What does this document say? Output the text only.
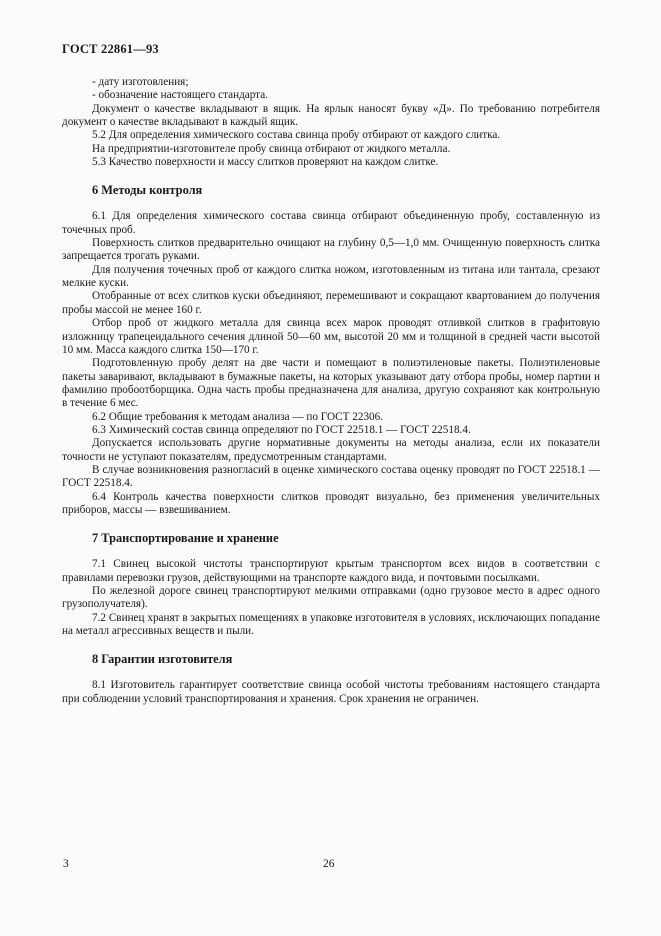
ГОСТ 22861—93

- дату изготовления;

- обозначение настоящего стандарта.

Документ о качестве вкладывают в ящик. На ярлык наносят букву «Д». По требованию потребителя документ о качестве вкладывают в каждый ящик.

5.2 Для определения химического состава свинца пробу отбирают от каждого слитка.

На предприятии-изготовителе пробу свинца отбирают от жидкого металла.

5.3 Качество поверхности и массу слитков проверяют на каждом слитке.

6 Методы контроля

6.1 Для определения химического состава свинца отбирают объединенную пробу, составленную из точечных проб.

Поверхность слитков предварительно очищают на глубину 0,5—1,0 мм. Очищенную поверхность слитка запрещается трогать руками.

Для получения точечных проб от каждого слитка ножом, изготовленным из титана или тантала, срезают мелкие куски.

Отобранные от всех слитков куски объединяют, перемешивают и сокращают квартованием до получения пробы массой не менее 160 г.

Отбор проб от жидкого металла для свинца всех марок проводят отливкой слитков в графитовую изложницу трапецеидального сечения длиной 50—60 мм, высотой 20 мм и толщиной в средней части высотой 10 мм. Масса каждого слитка 150—170 г.

Подготовленную пробу делят на две части и помещают в полиэтиленовые пакеты. Полиэтиленовые пакеты заваривают, вкладывают в бумажные пакеты, на которых указывают дату отбора пробы, номер партии и фамилию пробоотборщика. Одна часть пробы предназначена для анализа, другую сохраняют как контрольную в течение 6 мес.

6.2 Общие требования к методам анализа — по ГОСТ 22306.

6.3 Химический состав свинца определяют по ГОСТ 22518.1 — ГОСТ 22518.4.

Допускается использовать другие нормативные документы на методы анализа, если их показатели точности не уступают показателям, предусмотренным стандартами.

В случае возникновения разногласий в оценке химического состава оценку проводят по ГОСТ 22518.1 — ГОСТ 22518.4.

6.4 Контроль качества поверхности слитков проводят визуально, без применения увеличительных приборов, массы — взвешиванием.

7 Транспортирование и хранение

7.1 Свинец высокой чистоты транспортируют крытым транспортом всех видов в соответствии с правилами перевозки грузов, действующими на транспорте каждого вида, и почтовыми посылками.

По железной дороге свинец транспортируют мелкими отправками (одно грузовое место в адрес одного грузополучателя).

7.2 Свинец хранят в закрытых помещениях в упаковке изготовителя в условиях, исключающих попадание на металл агрессивных веществ и пыли.

8 Гарантии изготовителя

8.1 Изготовитель гарантирует соответствие свинца особой чистоты требованиям настоящего стандарта при соблюдении условий транспортирования и хранения. Срок хранения не ограничен.

3	26
